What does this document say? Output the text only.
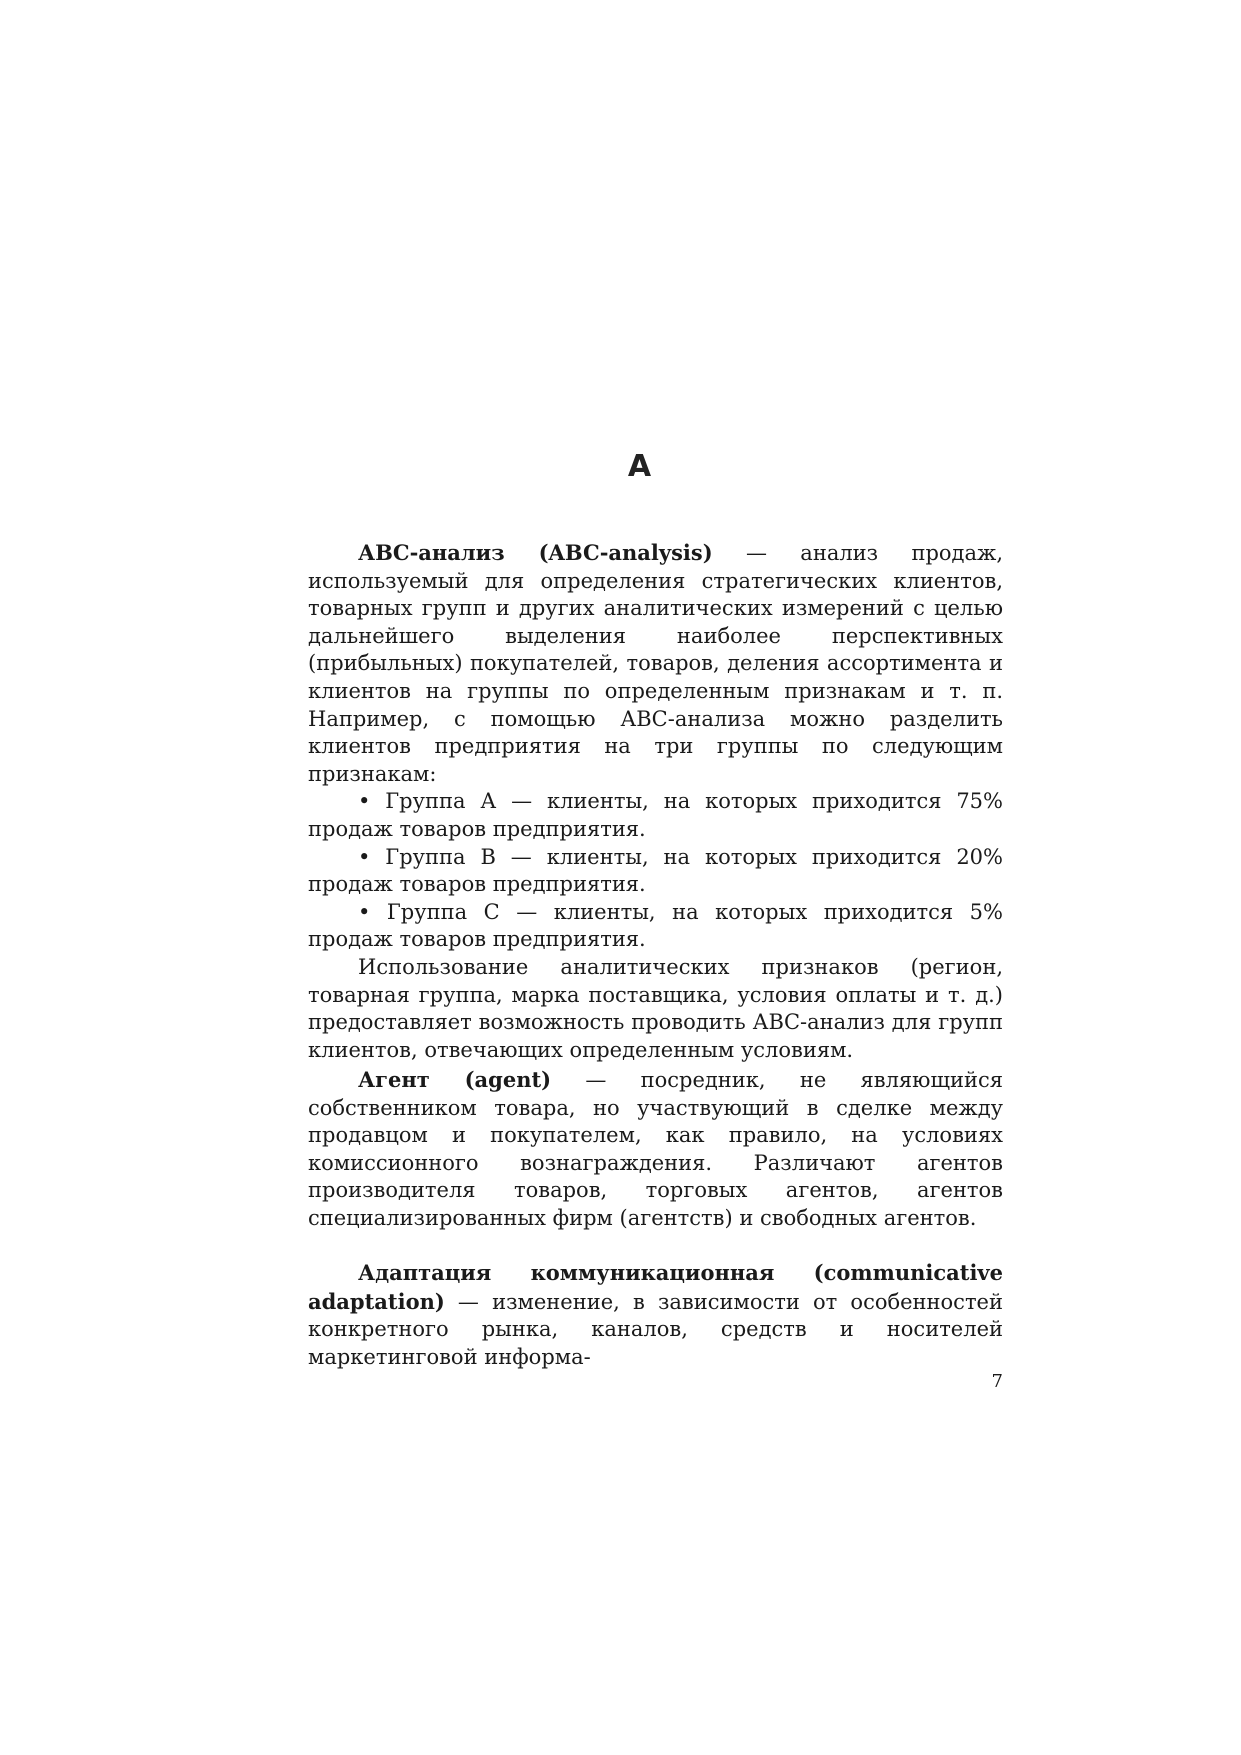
А

АВС-анализ (ABC-analysis) — анализ продаж, используемый для определения стратегических клиентов, товарных групп и других аналитических измерений с целью дальнейшего выделения наиболее перспективных (прибыльных) покупателей, товаров, деления ассортимента и клиентов на группы по определенным признакам и т. п. Например, с помощью АВС-анализа можно разделить клиентов предприятия на три группы по следующим признакам:

• Группа А — клиенты, на которых приходится 75% продаж товаров предприятия.

• Группа В — клиенты, на которых приходится 20% продаж товаров предприятия.

• Группа С — клиенты, на которых приходится 5% продаж товаров предприятия.

Использование аналитических признаков (регион, товарная группа, марка поставщика, условия оплаты и т. д.) предоставляет возможность проводить АВС-анализ для групп клиентов, отвечающих определенным условиям.

Агент (agent) — посредник, не являющийся собственником товара, но участвующий в сделке между продавцом и покупателем, как правило, на условиях комиссионного вознаграждения. Различают агентов производителя товаров, торговых агентов, агентов специализированных фирм (агентств) и свободных агентов.

Адаптация коммуникационная (communicative adaptation) — изменение, в зависимости от особенностей конкретного рынка, каналов, средств и носителей маркетинговой информа-

7
